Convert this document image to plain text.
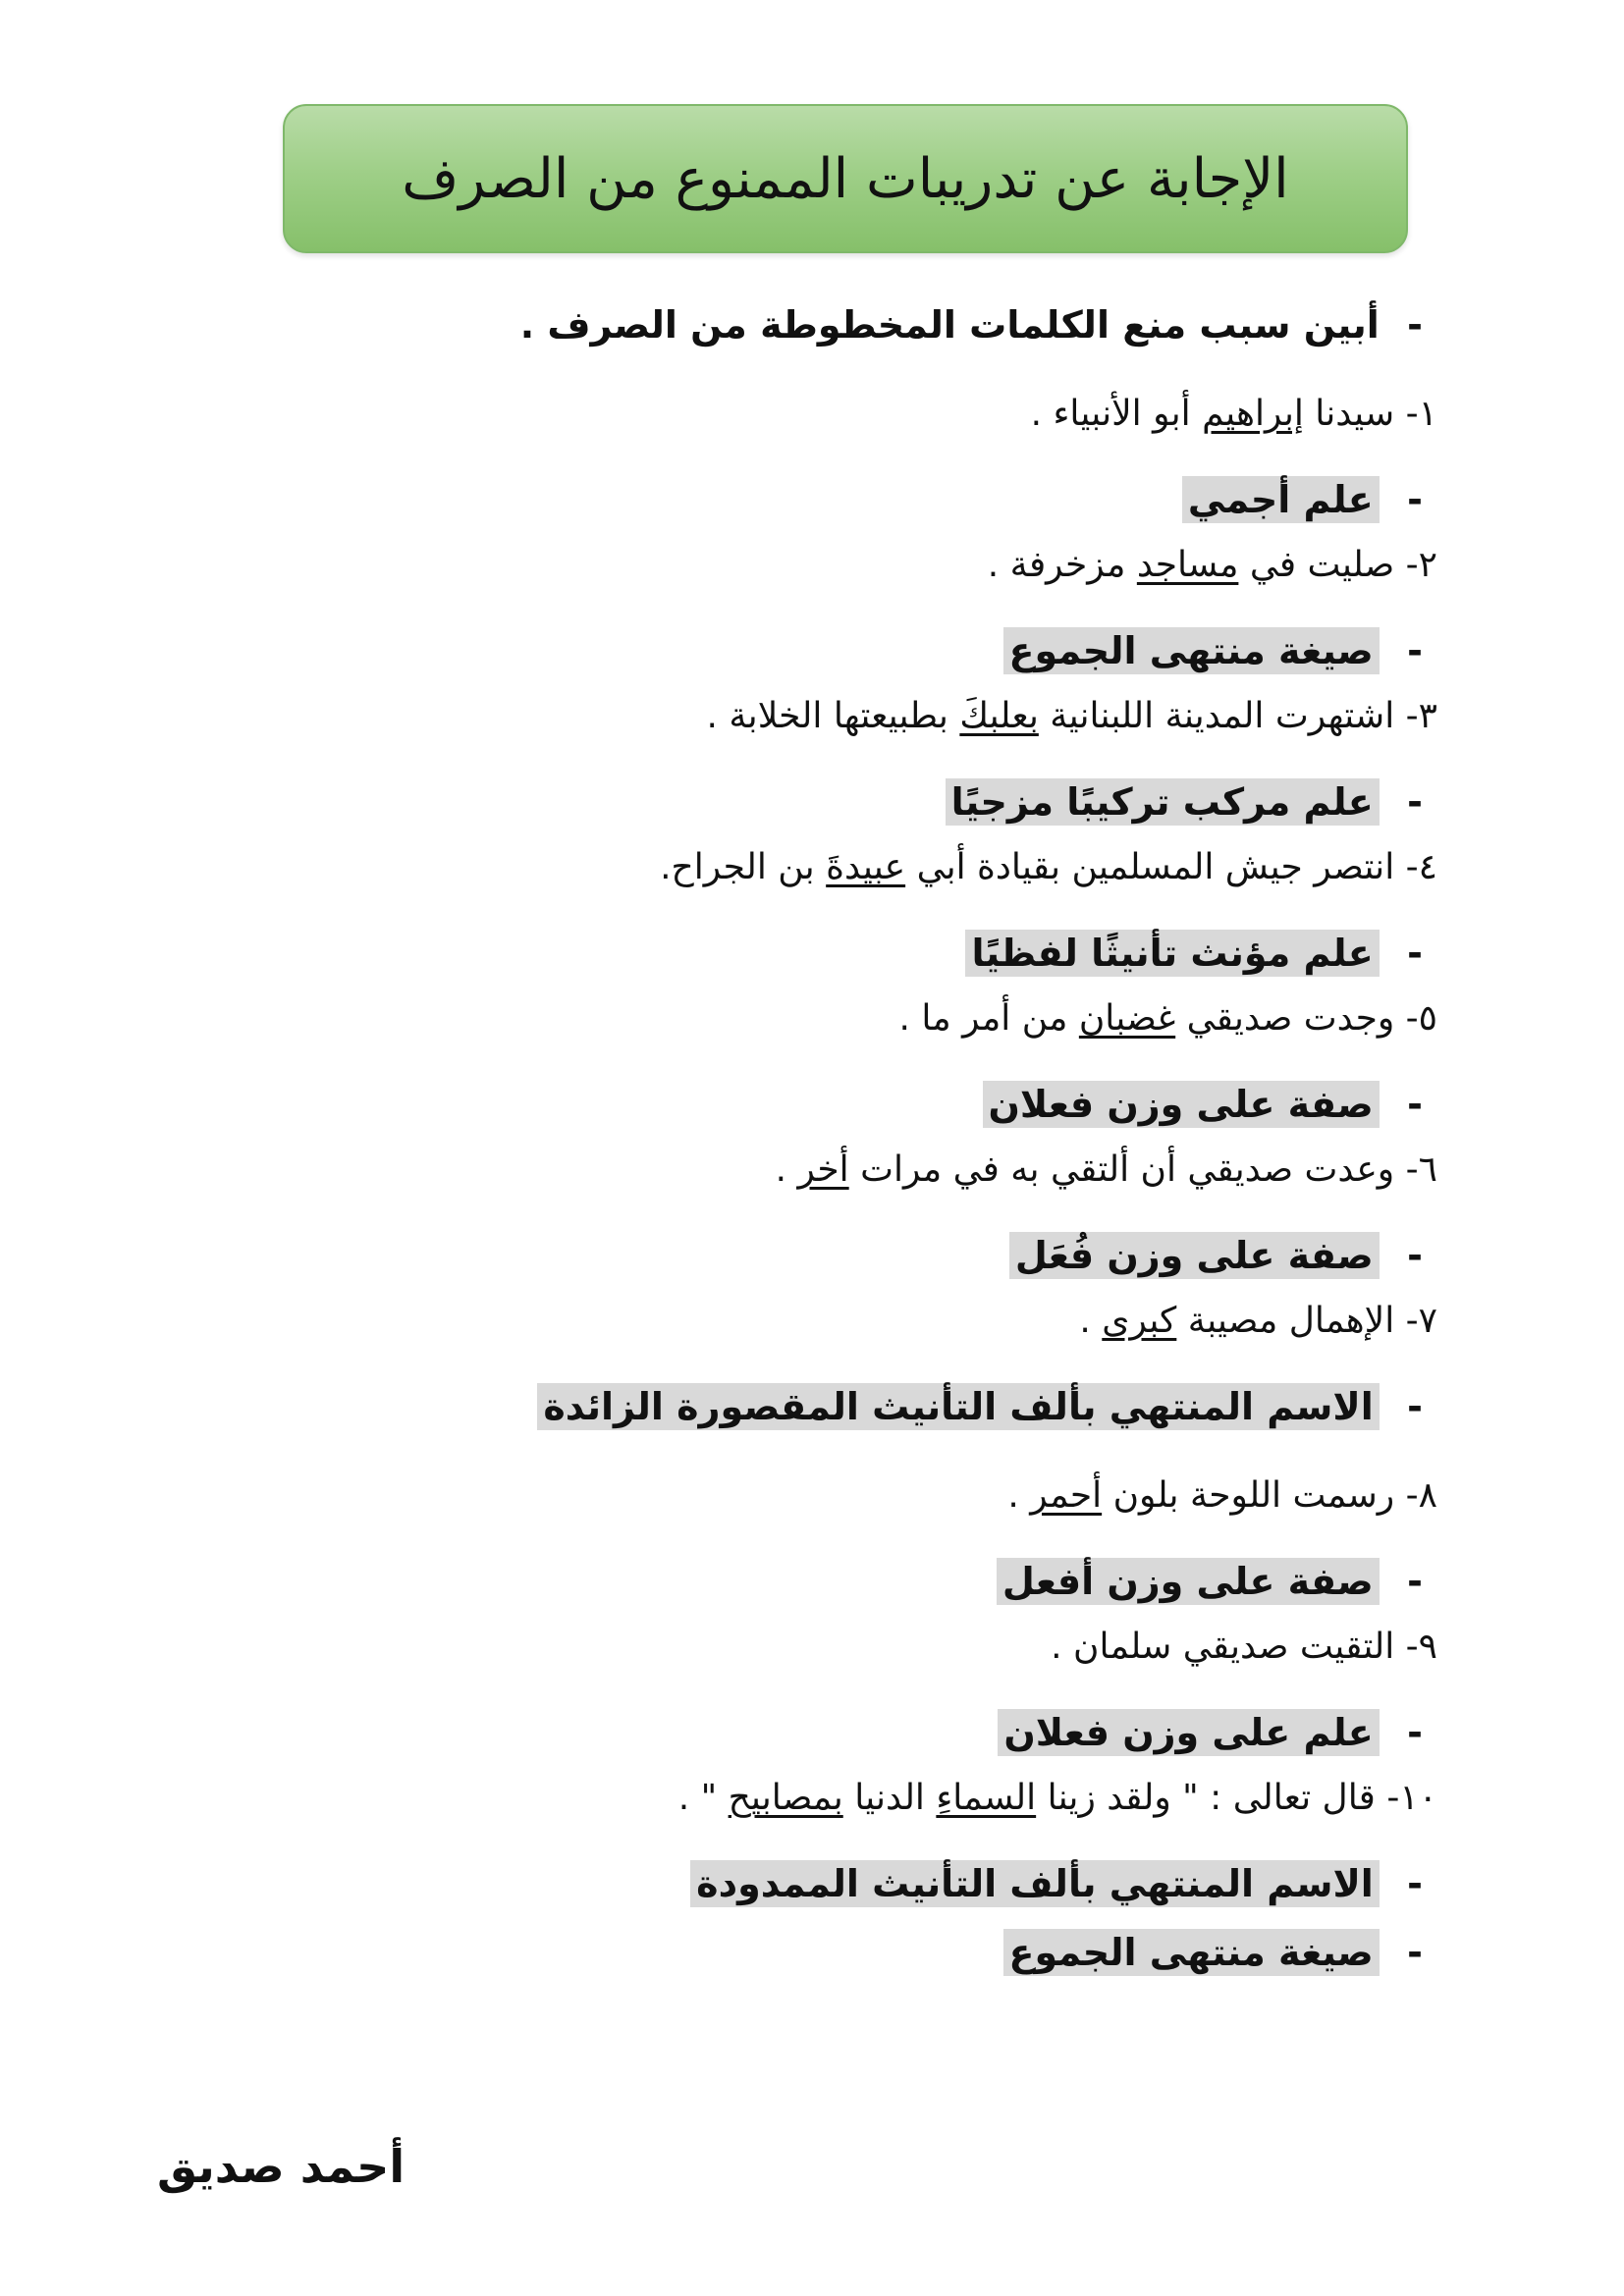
الإجابة عن تدريبات الممنوع من الصرف
- أبين سبب منع الكلمات المخطوطة من الصرف .
١- سيدنا إبراهيم أبو الأنبياء .
- علم أجمي
٢- صليت في مساجد مزخرفة .
- صيغة منتهى الجموع
٣- اشتهرت المدينة اللبنانية بعلبكَ بطبيعتها الخلابة .
- علم مركب تركيبًا مزجيًا
٤- انتصر جيش المسلمين بقيادة أبي عبيدةَ بن الجراح.
- علم مؤنث تأنيثًا لفظيًا
٥- وجدت صديقي غضبان من أمر ما .
- صفة على وزن فعلان
٦- وعدت صديقي أن ألتقي به في مرات أخر .
- صفة على وزن فُعَل
٧- الإهمال مصيبة كبرى .
- الاسم المنتهي بألف التأنيث المقصورة الزائدة
٨- رسمت اللوحة بلون أحمر .
- صفة على وزن أفعل
٩- التقيت صديقي سلمان .
- علم على وزن فعلان
١٠- قال تعالى : " ولقد زينا السماءِ الدنيا بمصابيح " .
- الاسم المنتهي بألف التأنيث الممدودة
- صيغة منتهى الجموع
أحمد صديق
